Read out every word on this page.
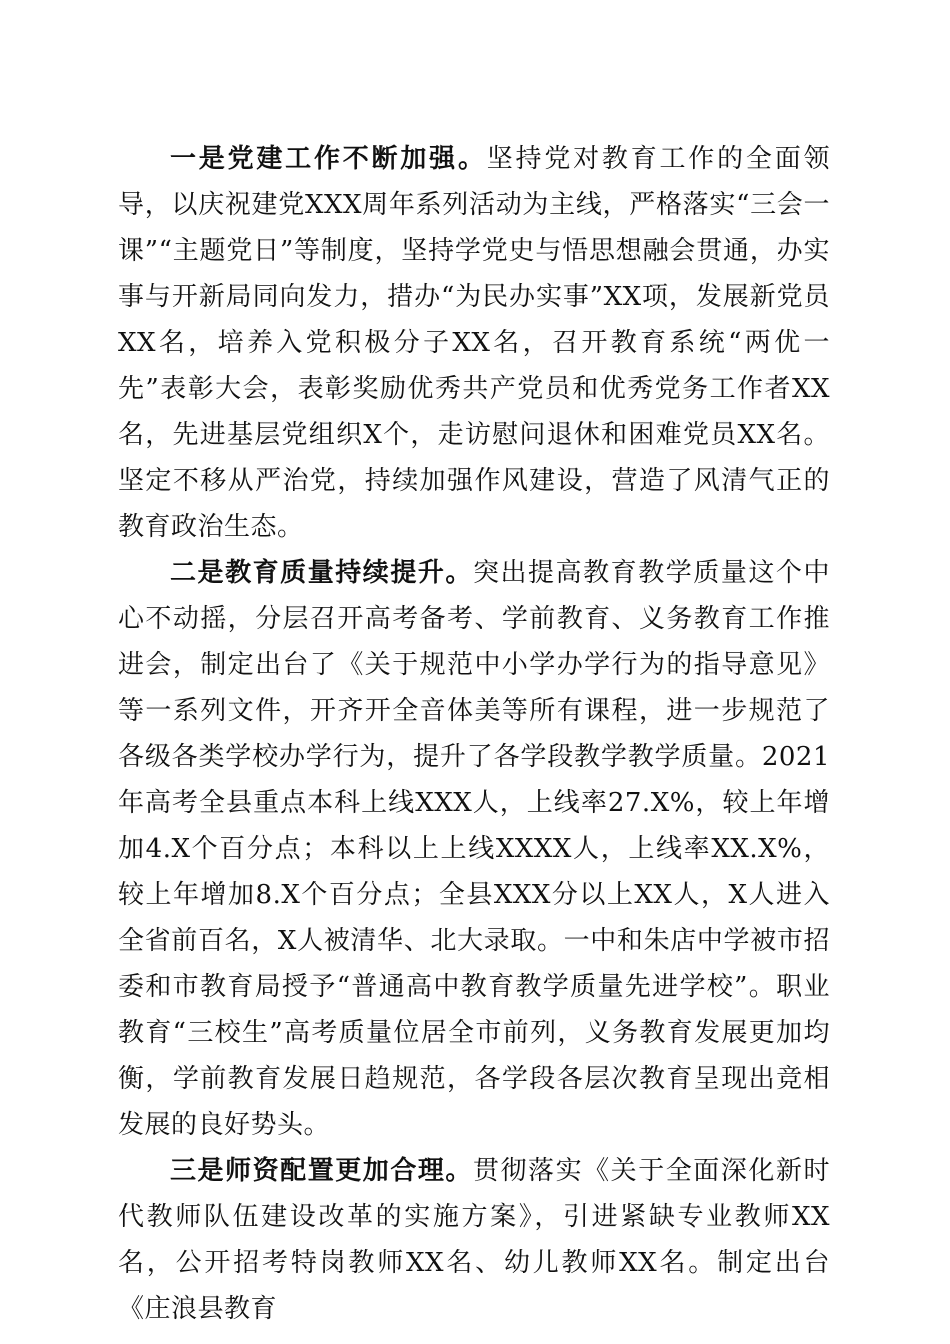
一是党建工作不断加强。坚持党对教育工作的全面领导，以庆祝建党XXX周年系列活动为主线，严格落实“三会一课”“主题党日”等制度，坚持学党史与悟思想融会贯通，办实事与开新局同向发力，措办“为民办实事”XX项，发展新党员XX名，培养入党积极分子XX名，召开教育系统“两优一先”表彰大会，表彰奖励优秀共产党员和优秀党务工作者XX名，先进基层党组织X个，走访慰问退休和困难党员XX名。坚定不移从严治党，持续加强作风建设，营造了风清气正的教育政治生态。

二是教育质量持续提升。突出提高教育教学质量这个中心不动摇，分层召开高考备考、学前教育、义务教育工作推进会，制定出台了《关于规范中小学办学行为的指导意见》等一系列文件，开齐开全音体美等所有课程，进一步规范了各级各类学校办学行为，提升了各学段教学教学质量。2021年高考全县重点本科上线XXX人，上线率27.X%，较上年增加4.X个百分点；本科以上上线XXXX人，上线率XX.X%，较上年增加8.X个百分点；全县XXX分以上XX人，X人进入全省前百名，X人被清华、北大录取。一中和朱店中学被市招委和市教育局授予“普通高中教育教学质量先进学校”。职业教育“三校生”高考质量位居全市前列，义务教育发展更加均衡，学前教育发展日趋规范，各学段各层次教育呈现出竞相发展的良好势头。

三是师资配置更加合理。贯彻落实《关于全面深化新时代教师队伍建设改革的实施方案》，引进紧缺专业教师XX名，公开招考特岗教师XX名、幼儿教师XX名。制定出台《庄浪县教育
